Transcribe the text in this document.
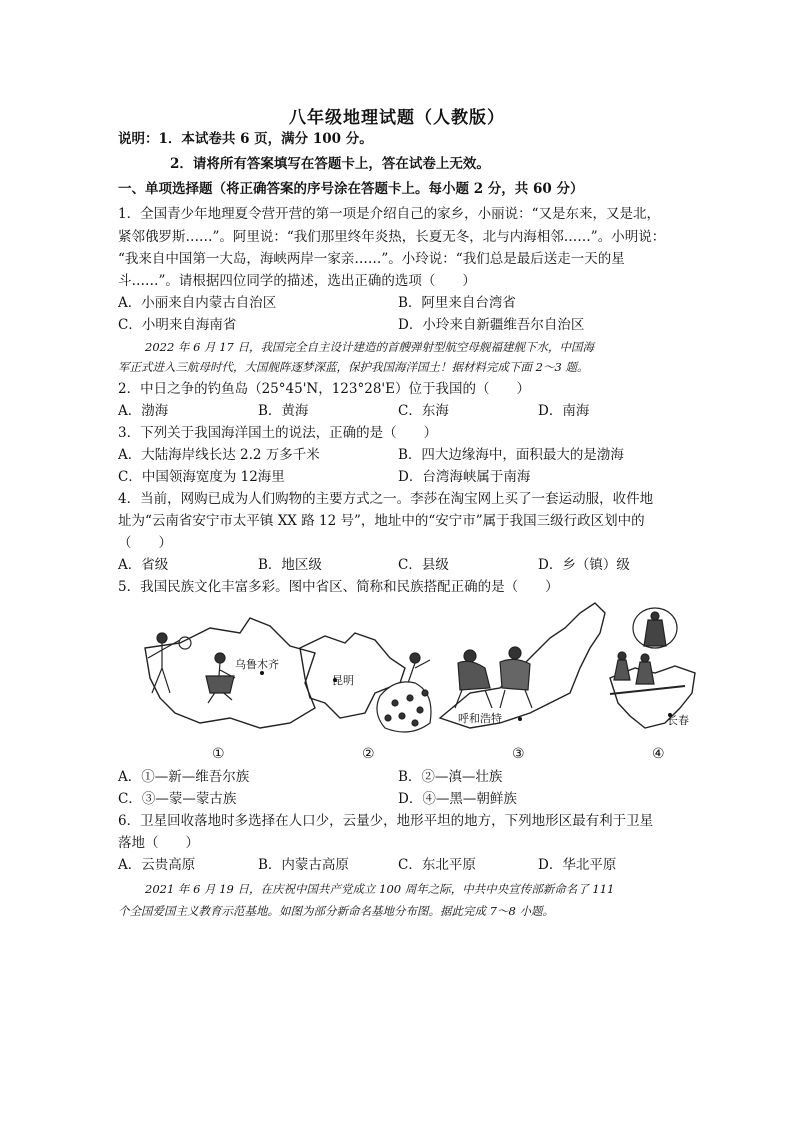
八年级地理试题（人教版）
说明：1．本试卷共 6 页，满分 100 分。
2．请将所有答案填写在答题卡上，答在试卷上无效。
一、单项选择题（将正确答案的序号涂在答题卡上。每小题 2 分，共 60 分）
1．全国青少年地理夏令营开营的第一项是介绍自己的家乡，小丽说：“又是东来，又是北，
紧邻俄罗斯……”。阿里说：“我们那里终年炎热，长夏无冬，北与内海相邻……”。小明说：
“我来自中国第一大岛，海峡两岸一家亲……”。小玲说：“我们总是最后送走一天的星
斗……”。请根据四位同学的描述，选出正确的选项（　　）
A．小丽来自内蒙古自治区	B．阿里来自台湾省
C．小明来自海南省	D．小玲来自新疆维吾尔自治区
2022 年 6 月 17 日，我国完全自主设计建造的首艘弹射型航空母舰福建舰下水，中国海
军正式进入三航母时代，大国舰阵逐梦深蓝，保护我国海洋国土！据材料完成下面 2～3 题。
2．中日之争的钓鱼岛（25°45'N，123°28'E）位于我国的（　　）
A．渤海	B．黄海	C．东海	D．南海
3．下列关于我国海洋国土的说法，正确的是（　　）
A．大陆海岸线长达 2.2 万多千米	B．四大边缘海中，面积最大的是渤海
C．中国领海宽度为 12海里	D．台湾海峡属于南海
4．当前，网购已成为人们购物的主要方式之一。李莎在淘宝网上买了一套运动服，收件地
址为“云南省安宁市太平镇 XX 路 12 号”，地址中的“安宁市”属于我国三级行政区划中的
（　　）
A．省级	B．地区级	C．县级	D．乡（镇）级
5．我国民族文化丰富多彩。图中省区、简称和民族搭配正确的是（　　）
乌鲁木齐
昆明
呼和浩特	长春
①	②	③	④
A．①—新—维吾尔族	B．②—滇—壮族
C．③—蒙—蒙古族	D．④—黑—朝鲜族
6．卫星回收落地时多选择在人口少，云量少，地形平坦的地方，下列地形区最有利于卫星
落地（　　）
A．云贵高原	B．内蒙古高原	C．东北平原	D．华北平原
2021 年 6 月 19 日，在庆祝中国共产党成立 100 周年之际，中共中央宣传部新命名了 111
个全国爱国主义教育示范基地。如图为部分新命名基地分布图。据此完成 7～8 小题。
